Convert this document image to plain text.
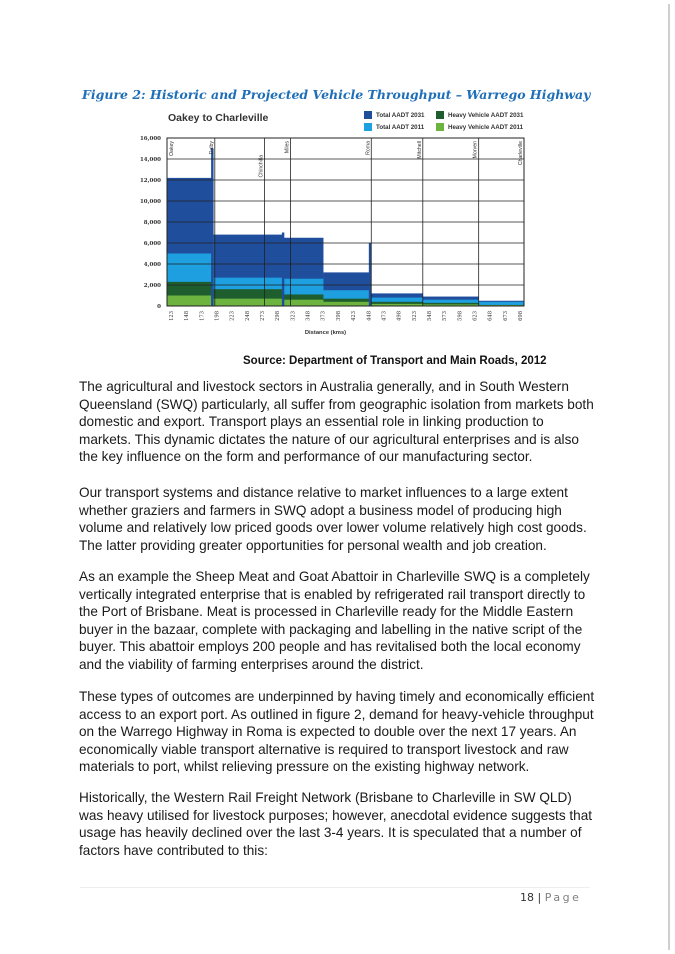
Figure 2: Historic and Projected Vehicle Throughput – Warrego Highway
Oakey to Charleville	Total AADT 2031
Total AADT 2011
Heavy Vehicle AADT 2031
Heavy Vehicle AADT 2011
0
2,000
4,000
6,000
8,000
10,000
12,000
14,000
16,000
Oakey	Dalby
Chinchilla
Miles	Roma	Mitchell	Morven	Charleville
123 148 173 198 223 248 273 298 323 348 373 398 423 448 473 498 523 548 573 598 623 648 673 698
Distance (kms)
Source: Department of Transport and Main Roads, 2012

The agricultural and livestock sectors in Australia generally, and in South Western Queensland (SWQ) particularly, all suffer from geographic isolation from markets both domestic and export. Transport plays an essential role in linking production to markets. This dynamic dictates the nature of our agricultural enterprises and is also the key influence on the form and performance of our manufacturing sector.

Our transport systems and distance relative to market influences to a large extent whether graziers and farmers in SWQ adopt a business model of producing high volume and relatively low priced goods over lower volume relatively high cost goods. The latter providing greater opportunities for personal wealth and job creation.

As an example the Sheep Meat and Goat Abattoir in Charleville SWQ is a completely vertically integrated enterprise that is enabled by refrigerated rail transport directly to the Port of Brisbane. Meat is processed in Charleville ready for the Middle Eastern buyer in the bazaar, complete with packaging and labelling in the native script of the buyer. This abattoir employs 200 people and has revitalised both the local economy and the viability of farming enterprises around the district.

These types of outcomes are underpinned by having timely and economically efficient access to an export port. As outlined in figure 2, demand for heavy-vehicle throughput on the Warrego Highway in Roma is expected to double over the next 17 years. An economically viable transport alternative is required to transport livestock and raw materials to port, whilst relieving pressure on the existing highway network.

Historically, the Western Rail Freight Network (Brisbane to Charleville in SW QLD) was heavy utilised for livestock purposes; however, anecdotal evidence suggests that usage has heavily declined over the last 3-4 years. It is speculated that a number of factors have contributed to this:

18 | Page
